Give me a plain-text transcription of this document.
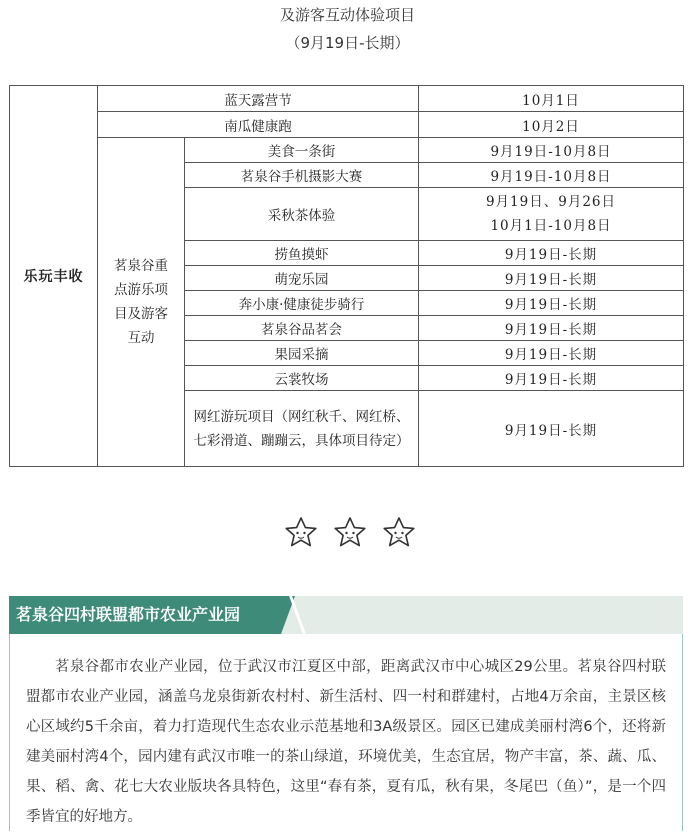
及游客互动体验项目
（9月19日-长期）
乐玩丰收	蓝天露营节		10月1日
	南瓜健康跑		10月2日
	茗泉谷重点游乐项目及游客互动	美食一条街	9月19日-10月8日
		茗泉谷手机摄影大赛	9月19日-10月8日
		采秋茶体验	9月19日、9月26日
10月1日-10月8日

		捞鱼摸虾	9月19日-长期
		萌宠乐园	9月19日-长期
		奔小康·健康徒步骑行	9月19日-长期
		茗泉谷品茗会	9月19日-长期
		果园采摘	9月19日-长期
		云裳牧场	9月19日-长期
		网红游玩项目（网红秋千、网红桥、七彩滑道、蹦蹦云，具体项目待定）	9月19日-长期
茗泉谷四村联盟都市农业产业园

茗泉谷都市农业产业园，位于武汉市江夏区中部，距离武汉市中心城区29公里。茗泉谷四村联盟都市农业产业园，涵盖乌龙泉街新农村村、新生活村、四一村和群建村，占地4万余亩，主景区核心区域约5千余亩，着力打造现代生态农业示范基地和3A级景区。园区已建成美丽村湾6个，还将新建美丽村湾4个，园内建有武汉市唯一的茶山绿道，环境优美，生态宜居，物产丰富，茶、蔬、瓜、果、稻、禽、花七大农业版块各具特色，这里“春有茶，夏有瓜，秋有果，冬尾巴（鱼）”，是一个四季皆宜的好地方。
